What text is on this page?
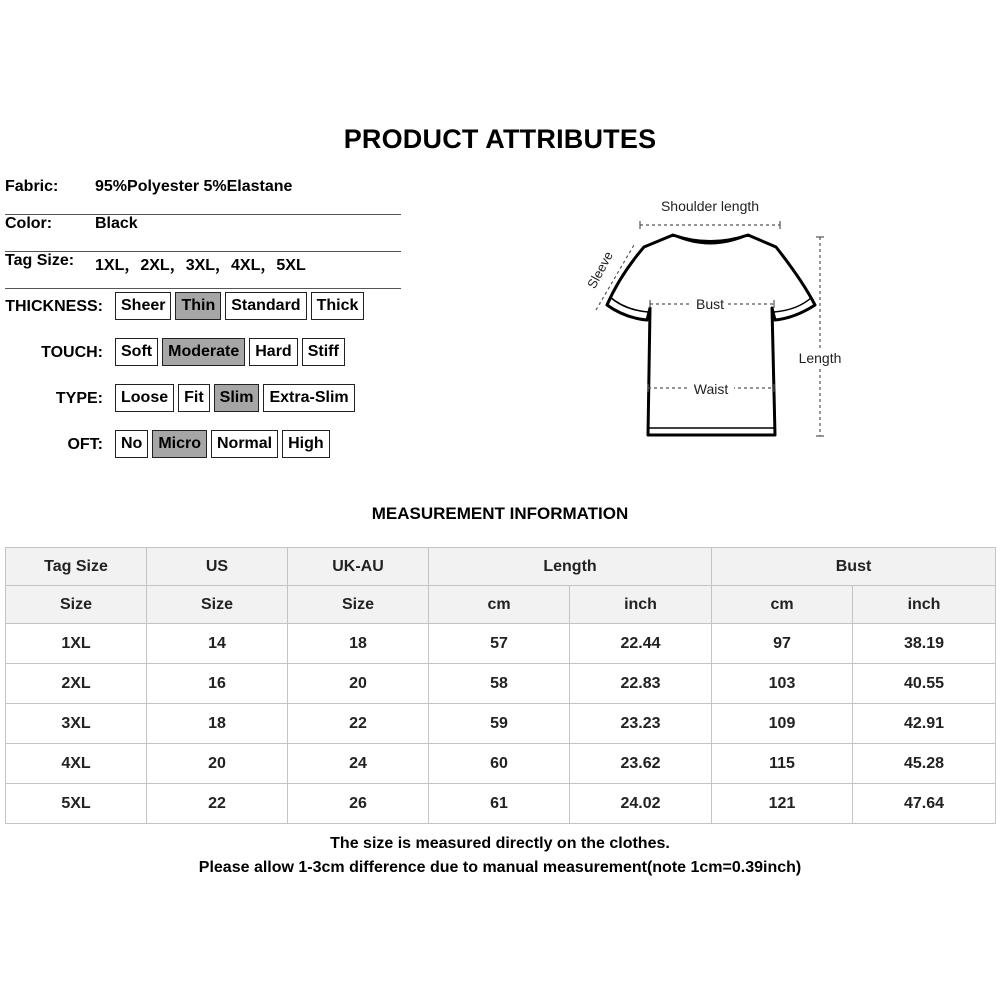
PRODUCT ATTRIBUTES
Fabric: 95%Polyester 5%Elastane
Color:	Black
Tag Size: 1XL，2XL，3XL，4XL，5XL
THICKNESS:	Sheer	Thin	Standard	Thick
TOUCH:	Soft	Moderate	Hard	Stiff
TYPE:	Loose	Fit	Slim	Extra-Slim
OFT:	No	Micro	Normal	High
Shoulder length
Bust
Waist
Length
Sleeve
MEASUREMENT INFORMATION
Tag Size	US	UK-AU	Length		Bust	
Size	Size	Size	cm	inch	cm	inch
1XL	14	18	57	22.44	97	38.19
2XL	16	20	58	22.83	103	40.55
3XL	18	22	59	23.23	109	42.91
4XL	20	24	60	23.62	115	45.28
5XL	22	26	61	24.02	121	47.64
The size is measured directly on the clothes.
Please allow 1-3cm difference due to manual measurement(note 1cm=0.39inch)
